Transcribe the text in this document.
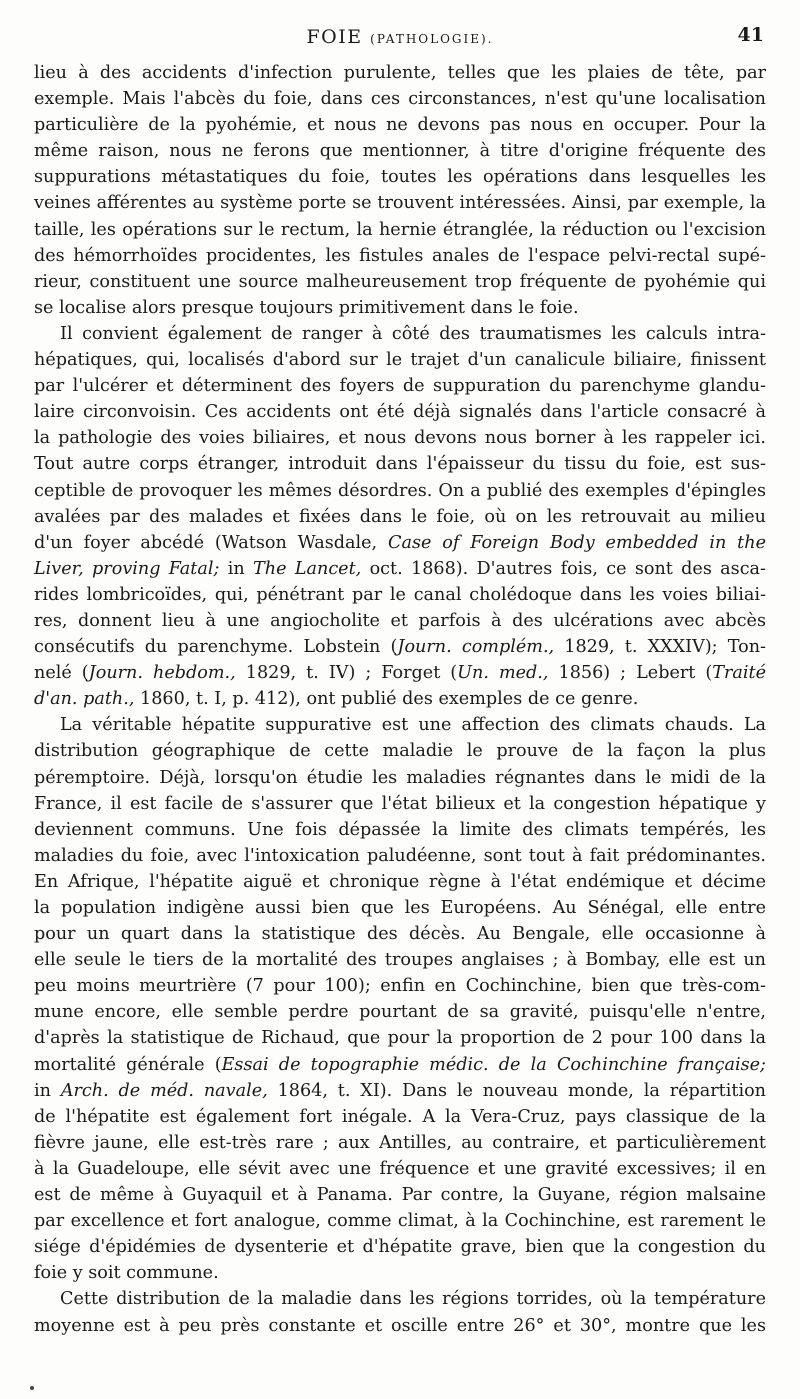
FOIE (PATHOLOGIE).	41
lieu à des accidents d'infection purulente, telles que les plaies de tête, par
exemple. Mais l'abcès du foie, dans ces circonstances, n'est qu'une localisation
particulière de la pyohémie, et nous ne devons pas nous en occuper. Pour la
même raison, nous ne ferons que mentionner, à titre d'origine fréquente des
suppurations métastatiques du foie, toutes les opérations dans lesquelles les
veines afférentes au système porte se trouvent intéressées. Ainsi, par exemple, la
taille, les opérations sur le rectum, la hernie étranglée, la réduction ou l'excision
des hémorrhoïdes procidentes, les fistules anales de l'espace pelvi-rectal supé-
rieur, constituent une source malheureusement trop fréquente de pyohémie qui
se localise alors presque toujours primitivement dans le foie.
Il convient également de ranger à côté des traumatismes les calculs intra-
hépatiques, qui, localisés d'abord sur le trajet d'un canalicule biliaire, finissent
par l'ulcérer et déterminent des foyers de suppuration du parenchyme glandu-
laire circonvoisin. Ces accidents ont été déjà signalés dans l'article consacré à
la pathologie des voies biliaires, et nous devons nous borner à les rappeler ici.
Tout autre corps étranger, introduit dans l'épaisseur du tissu du foie, est sus-
ceptible de provoquer les mêmes désordres. On a publié des exemples d'épingles
avalées par des malades et fixées dans le foie, où on les retrouvait au milieu
d'un foyer abcédé (Watson Wasdale, Case of Foreign Body embedded in the
Liver, proving Fatal; in The Lancet, oct. 1868). D'autres fois, ce sont des asca-
rides lombricoïdes, qui, pénétrant par le canal cholédoque dans les voies biliai-
res, donnent lieu à une angiocholite et parfois à des ulcérations avec abcès
consécutifs du parenchyme. Lobstein (Journ. complém., 1829, t. XXXIV); Ton-
nelé (Journ. hebdom., 1829, t. IV) ; Forget (Un. med., 1856) ; Lebert (Traité
d'an. path., 1860, t. I, p. 412), ont publié des exemples de ce genre.
La véritable hépatite suppurative est une affection des climats chauds. La
distribution géographique de cette maladie le prouve de la façon la plus
péremptoire. Déjà, lorsqu'on étudie les maladies régnantes dans le midi de la
France, il est facile de s'assurer que l'état bilieux et la congestion hépatique y
deviennent communs. Une fois dépassée la limite des climats tempérés, les
maladies du foie, avec l'intoxication paludéenne, sont tout à fait prédominantes.
En Afrique, l'hépatite aiguë et chronique règne à l'état endémique et décime
la population indigène aussi bien que les Européens. Au Sénégal, elle entre
pour un quart dans la statistique des décès. Au Bengale, elle occasionne à
elle seule le tiers de la mortalité des troupes anglaises ; à Bombay, elle est un
peu moins meurtrière (7 pour 100); enfin en Cochinchine, bien que très-com-
mune encore, elle semble perdre pourtant de sa gravité, puisqu'elle n'entre,
d'après la statistique de Richaud, que pour la proportion de 2 pour 100 dans la
mortalité générale (Essai de topographie médic. de la Cochinchine française;
in Arch. de méd. navale, 1864, t. XI). Dans le nouveau monde, la répartition
de l'hépatite est également fort inégale. A la Vera-Cruz, pays classique de la
fièvre jaune, elle est-très rare ; aux Antilles, au contraire, et particulièrement
à la Guadeloupe, elle sévit avec une fréquence et une gravité excessives; il en
est de même à Guyaquil et à Panama. Par contre, la Guyane, région malsaine
par excellence et fort analogue, comme climat, à la Cochinchine, est rarement le
siége d'épidémies de dysenterie et d'hépatite grave, bien que la congestion du
foie y soit commune.
Cette distribution de la maladie dans les régions torrides, où la température
moyenne est à peu près constante et oscille entre 26° et 30°, montre que les
